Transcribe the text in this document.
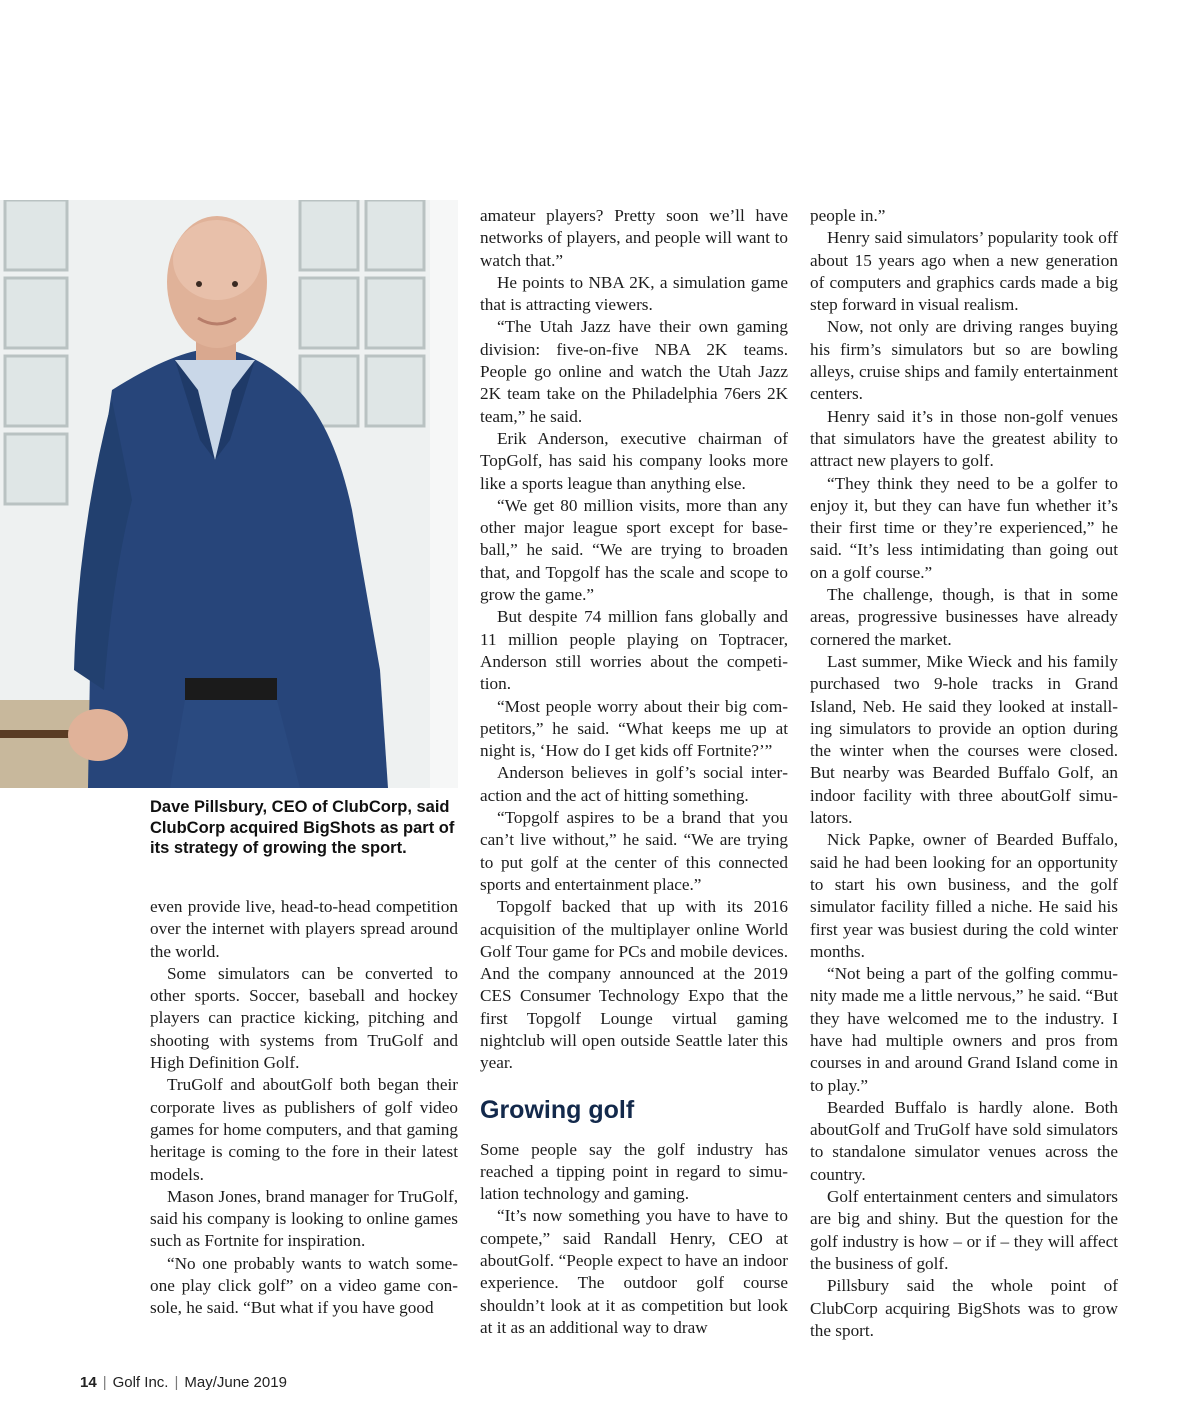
Dave Pillsbury, CEO of ClubCorp, said ClubCorp acquired BigShots as part of its strategy of growing the sport.

even provide live, head-to-head competition over the internet with players spread around the world.

Some simulators can be converted to other sports. Soccer, baseball and hockey players can practice kicking, pitching and shooting with systems from TruGolf and High Definition Golf.

TruGolf and aboutGolf both began their corporate lives as publishers of golf video games for home computers, and that gaming heritage is coming to the fore in their latest models.

Mason Jones, brand manager for TruGolf, said his company is looking to online games such as Fortnite for inspiration.

“No one probably wants to watch someone play click golf” on a video game console, he said. “But what if you have good

amateur players? Pretty soon we’ll have networks of players, and people will want to watch that.”

He points to NBA 2K, a simulation game that is attracting viewers.

“The Utah Jazz have their own gaming division: five-on-five NBA 2K teams. People go online and watch the Utah Jazz 2K team take on the Philadelphia 76ers 2K team,” he said.

Erik Anderson, executive chairman of TopGolf, has said his company looks more like a sports league than anything else.

“We get 80 million visits, more than any other major league sport except for baseball,” he said. “We are trying to broaden that, and Topgolf has the scale and scope to grow the game.”

But despite 74 million fans globally and 11 million people playing on Toptracer, Anderson still worries about the competition.

“Most people worry about their big competitors,” he said. “What keeps me up at night is, ‘How do I get kids off Fortnite?’”

Anderson believes in golf’s social interaction and the act of hitting something.

“Topgolf aspires to be a brand that you can’t live without,” he said. “We are trying to put golf at the center of this connected sports and entertainment place.”

Topgolf backed that up with its 2016 acquisition of the multiplayer online World Golf Tour game for PCs and mobile devices. And the company announced at the 2019 CES Consumer Technology Expo that the first Topgolf Lounge virtual gaming nightclub will open outside Seattle later this year.

Growing golf

Some people say the golf industry has reached a tipping point in regard to simulation technology and gaming.

“It’s now something you have to have to compete,” said Randall Henry, CEO at aboutGolf. “People expect to have an indoor experience. The outdoor golf course shouldn’t look at it as competition but look at it as an additional way to draw

people in.”

Henry said simulators’ popularity took off about 15 years ago when a new generation of computers and graphics cards made a big step forward in visual realism.

Now, not only are driving ranges buying his firm’s simulators but so are bowling alleys, cruise ships and family entertainment centers.

Henry said it’s in those non-golf venues that simulators have the greatest ability to attract new players to golf.

“They think they need to be a golfer to enjoy it, but they can have fun whether it’s their first time or they’re experienced,” he said. “It’s less intimidating than going out on a golf course.”

The challenge, though, is that in some areas, progressive businesses have already cornered the market.

Last summer, Mike Wieck and his family purchased two 9-hole tracks in Grand Island, Neb. He said they looked at installing simulators to provide an option during the winter when the courses were closed. But nearby was Bearded Buffalo Golf, an indoor facility with three aboutGolf simulators.

Nick Papke, owner of Bearded Buffalo, said he had been looking for an opportunity to start his own business, and the golf simulator facility filled a niche. He said his first year was busiest during the cold winter months.

“Not being a part of the golfing community made me a little nervous,” he said. “But they have welcomed me to the industry. I have had multiple owners and pros from courses in and around Grand Island come in to play.”

Bearded Buffalo is hardly alone. Both aboutGolf and TruGolf have sold simulators to standalone simulator venues across the country.

Golf entertainment centers and simulators are big and shiny. But the question for the golf industry is how – or if – they will affect the business of golf.

Pillsbury said the whole point of ClubCorp acquiring BigShots was to grow the sport.

14 | Golf Inc. | May/June 2019
